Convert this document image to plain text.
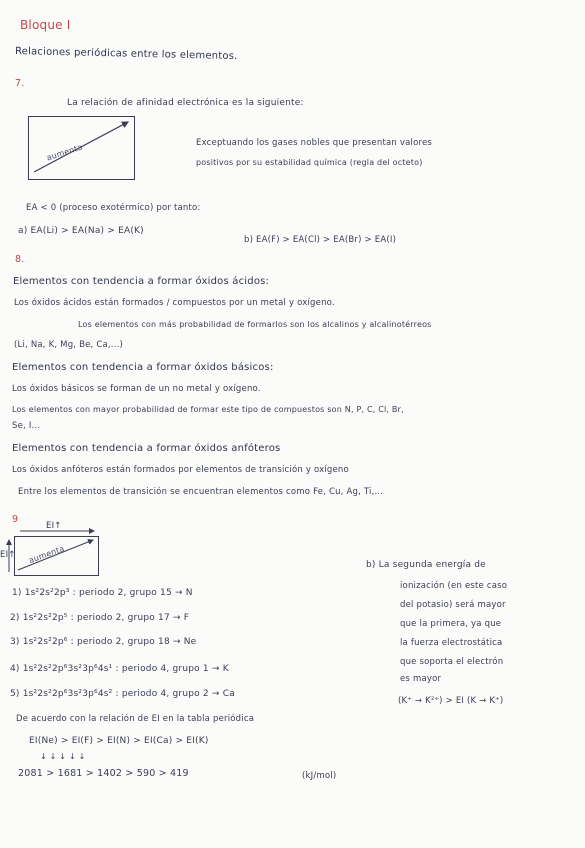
Bloque I
Relaciones periódicas entre los elementos.
7.
La relación de afinidad electrónica es la siguiente:
aumenta	Exceptuando los gases nobles que presentan valores
positivos por su estabilidad química (regla del octeto)
EA < 0 (proceso exotérmico) por tanto:
a) EA(Li) > EA(Na) > EA(K)
b) EA(F) > EA(Cl) > EA(Br) > EA(I)
8.
Elementos con tendencia a formar óxidos ácidos:
Los óxidos ácidos están formados / compuestos por un metal y oxígeno.
Los elementos con más probabilidad de formarlos son los alcalinos y alcalinotérreos
(Li, Na, K, Mg, Be, Ca,...)
Elementos con tendencia a formar óxidos básicos:
Los óxidos básicos se forman de un no metal y oxígeno.
Los elementos con mayor probabilidad de formar este tipo de compuestos son N, P, C, Cl, Br,
Se, I...
Elementos con tendencia a formar óxidos anfóteros
Los óxidos anfóteros están formados por elementos de transición y oxígeno
Entre los elementos de transición se encuentran elementos como Fe, Cu, Ag, Ti,...
9
EI↑
EI↑ aumenta
1) 1s²2s²2p³ : periodo 2, grupo 15 → N
2) 1s²2s²2p⁵ : periodo 2, grupo 17 → F
3) 1s²2s²2p⁶ : periodo 2, grupo 18 → Ne
4) 1s²2s²2p⁶3s²3p⁶4s¹ : periodo 4, grupo 1 → K
5) 1s²2s²2p⁶3s²3p⁶4s² : periodo 4, grupo 2 → Ca
De acuerdo con la relación de EI en la tabla periódica
EI(Ne) > EI(F) > EI(N) > EI(Ca) > EI(K)
↓ ↓ ↓ ↓ ↓
2081 > 1681 > 1402 > 590 > 419	(kJ/mol)
b) La segunda energía de
ionización (en este caso
del potasio) será mayor
que la primera, ya que
la fuerza electrostática
que soporta el electrón
es mayor
(K⁺ → K²⁺) > EI (K → K⁺)
